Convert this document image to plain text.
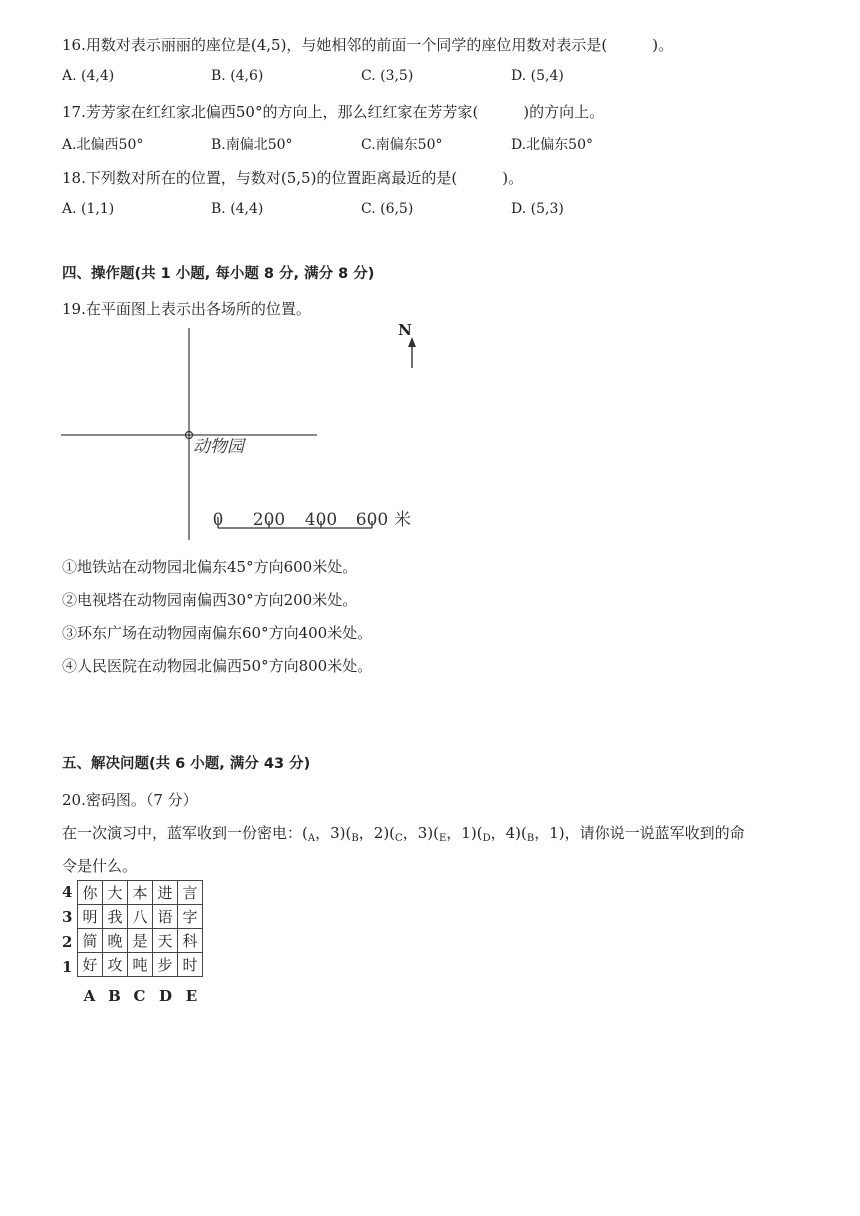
16.用数对表示丽丽的座位是(4,5)，与她相邻的前面一个同学的座位用数对表示是(　　　)。
A. (4,4)	B. (4,6)	C. (3,5)	D. (5,4)
17.芳芳家在红红家北偏西50°的方向上，那么红红家在芳芳家(　　　)的方向上。
A.北偏西50°	B.南偏北50°	C.南偏东50°	D.北偏东50°
18.下列数对所在的位置，与数对(5,5)的位置距离最近的是(　　　)。
A. (1,1)	B. (4,4)	C. (6,5)	D. (5,3)
四、操作题(共 1 小题, 每小题 8 分, 满分 8 分)
19.在平面图上表示出各场所的位置。
动物园
N
0 200 400 600 米
①地铁站在动物园北偏东45°方向600米处。
②电视塔在动物园南偏西30°方向200米处。
③环东广场在动物园南偏东60°方向400米处。
④人民医院在动物园北偏西50°方向800米处。
五、解决问题(共 6 小题, 满分 43 分)
20.密码图。（7 分）
在一次演习中，蓝军收到一份密电：($_A$，$3)(_B$，$2)(_C$，$3)(_E$，$1)(_D$，$4)(_B$，1)，请你说一说蓝军收到的命
令是什么。
4
3
2
1
你	大	本	进	言
明	我	八	语	字
简	晚	是	天	科
好	攻	吨	步	时
A B C D E
